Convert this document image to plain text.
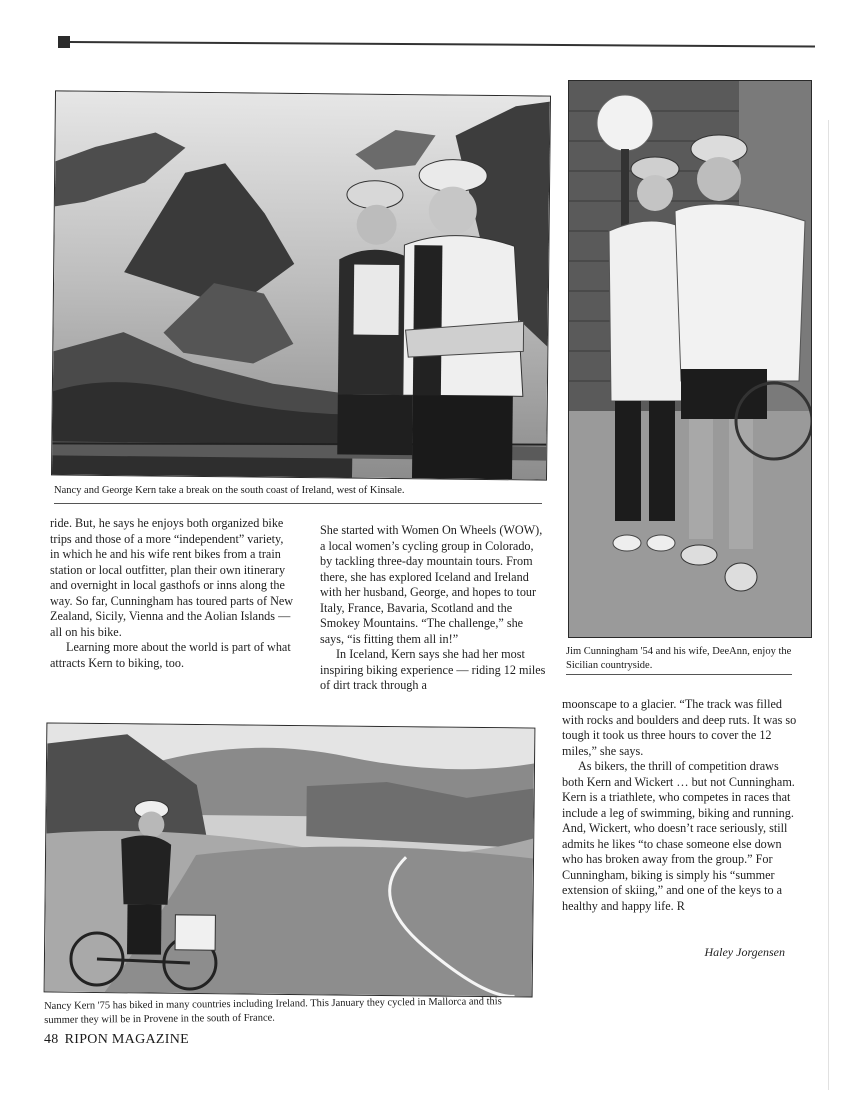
Nancy and George Kern take a break on the south coast of Ireland, west of Kinsale.
Jim Cunningham '54 and his wife, DeeAnn, enjoy the Sicilian countryside.
Nancy Kern '75 has biked in many countries including Ireland. This January they cycled in Mallorca and this summer they will be in Provene in the south of France.

ride. But, he says he enjoys both organized bike trips and those of a more “independent” variety, in which he and his wife rent bikes from a train station or local outfitter, plan their own itinerary and overnight in local gasthofs or inns along the way. So far, Cunningham has toured parts of New Zealand, Sicily, Vienna and the Aolian Islands — all on his bike.

Learning more about the world is part of what attracts Kern to biking, too.

She started with Women On Wheels (WOW), a local women’s cycling group in Colorado, by tackling three-day mountain tours. From there, she has explored Iceland and Ireland with her husband, George, and hopes to tour Italy, France, Bavaria, Scotland and the Smokey Mountains. “The challenge,” she says, “is fitting them all in!”

In Iceland, Kern says she had her most inspiring biking experience — riding 12 miles of dirt track through a

moonscape to a glacier. “The track was filled with rocks and boulders and deep ruts. It was so tough it took us three hours to cover the 12 miles,” she says.

As bikers, the thrill of competition draws both Kern and Wickert … but not Cunningham. Kern is a triathlete, who competes in races that include a leg of swimming, biking and running. And, Wickert, who doesn’t race seriously, still admits he likes “to chase someone else down who has broken away from the group.” For Cunningham, biking is simply his “summer extension of skiing,” and one of the keys to a healthy and happy life. R

Haley Jorgensen
48 RIPON MAGAZINE
